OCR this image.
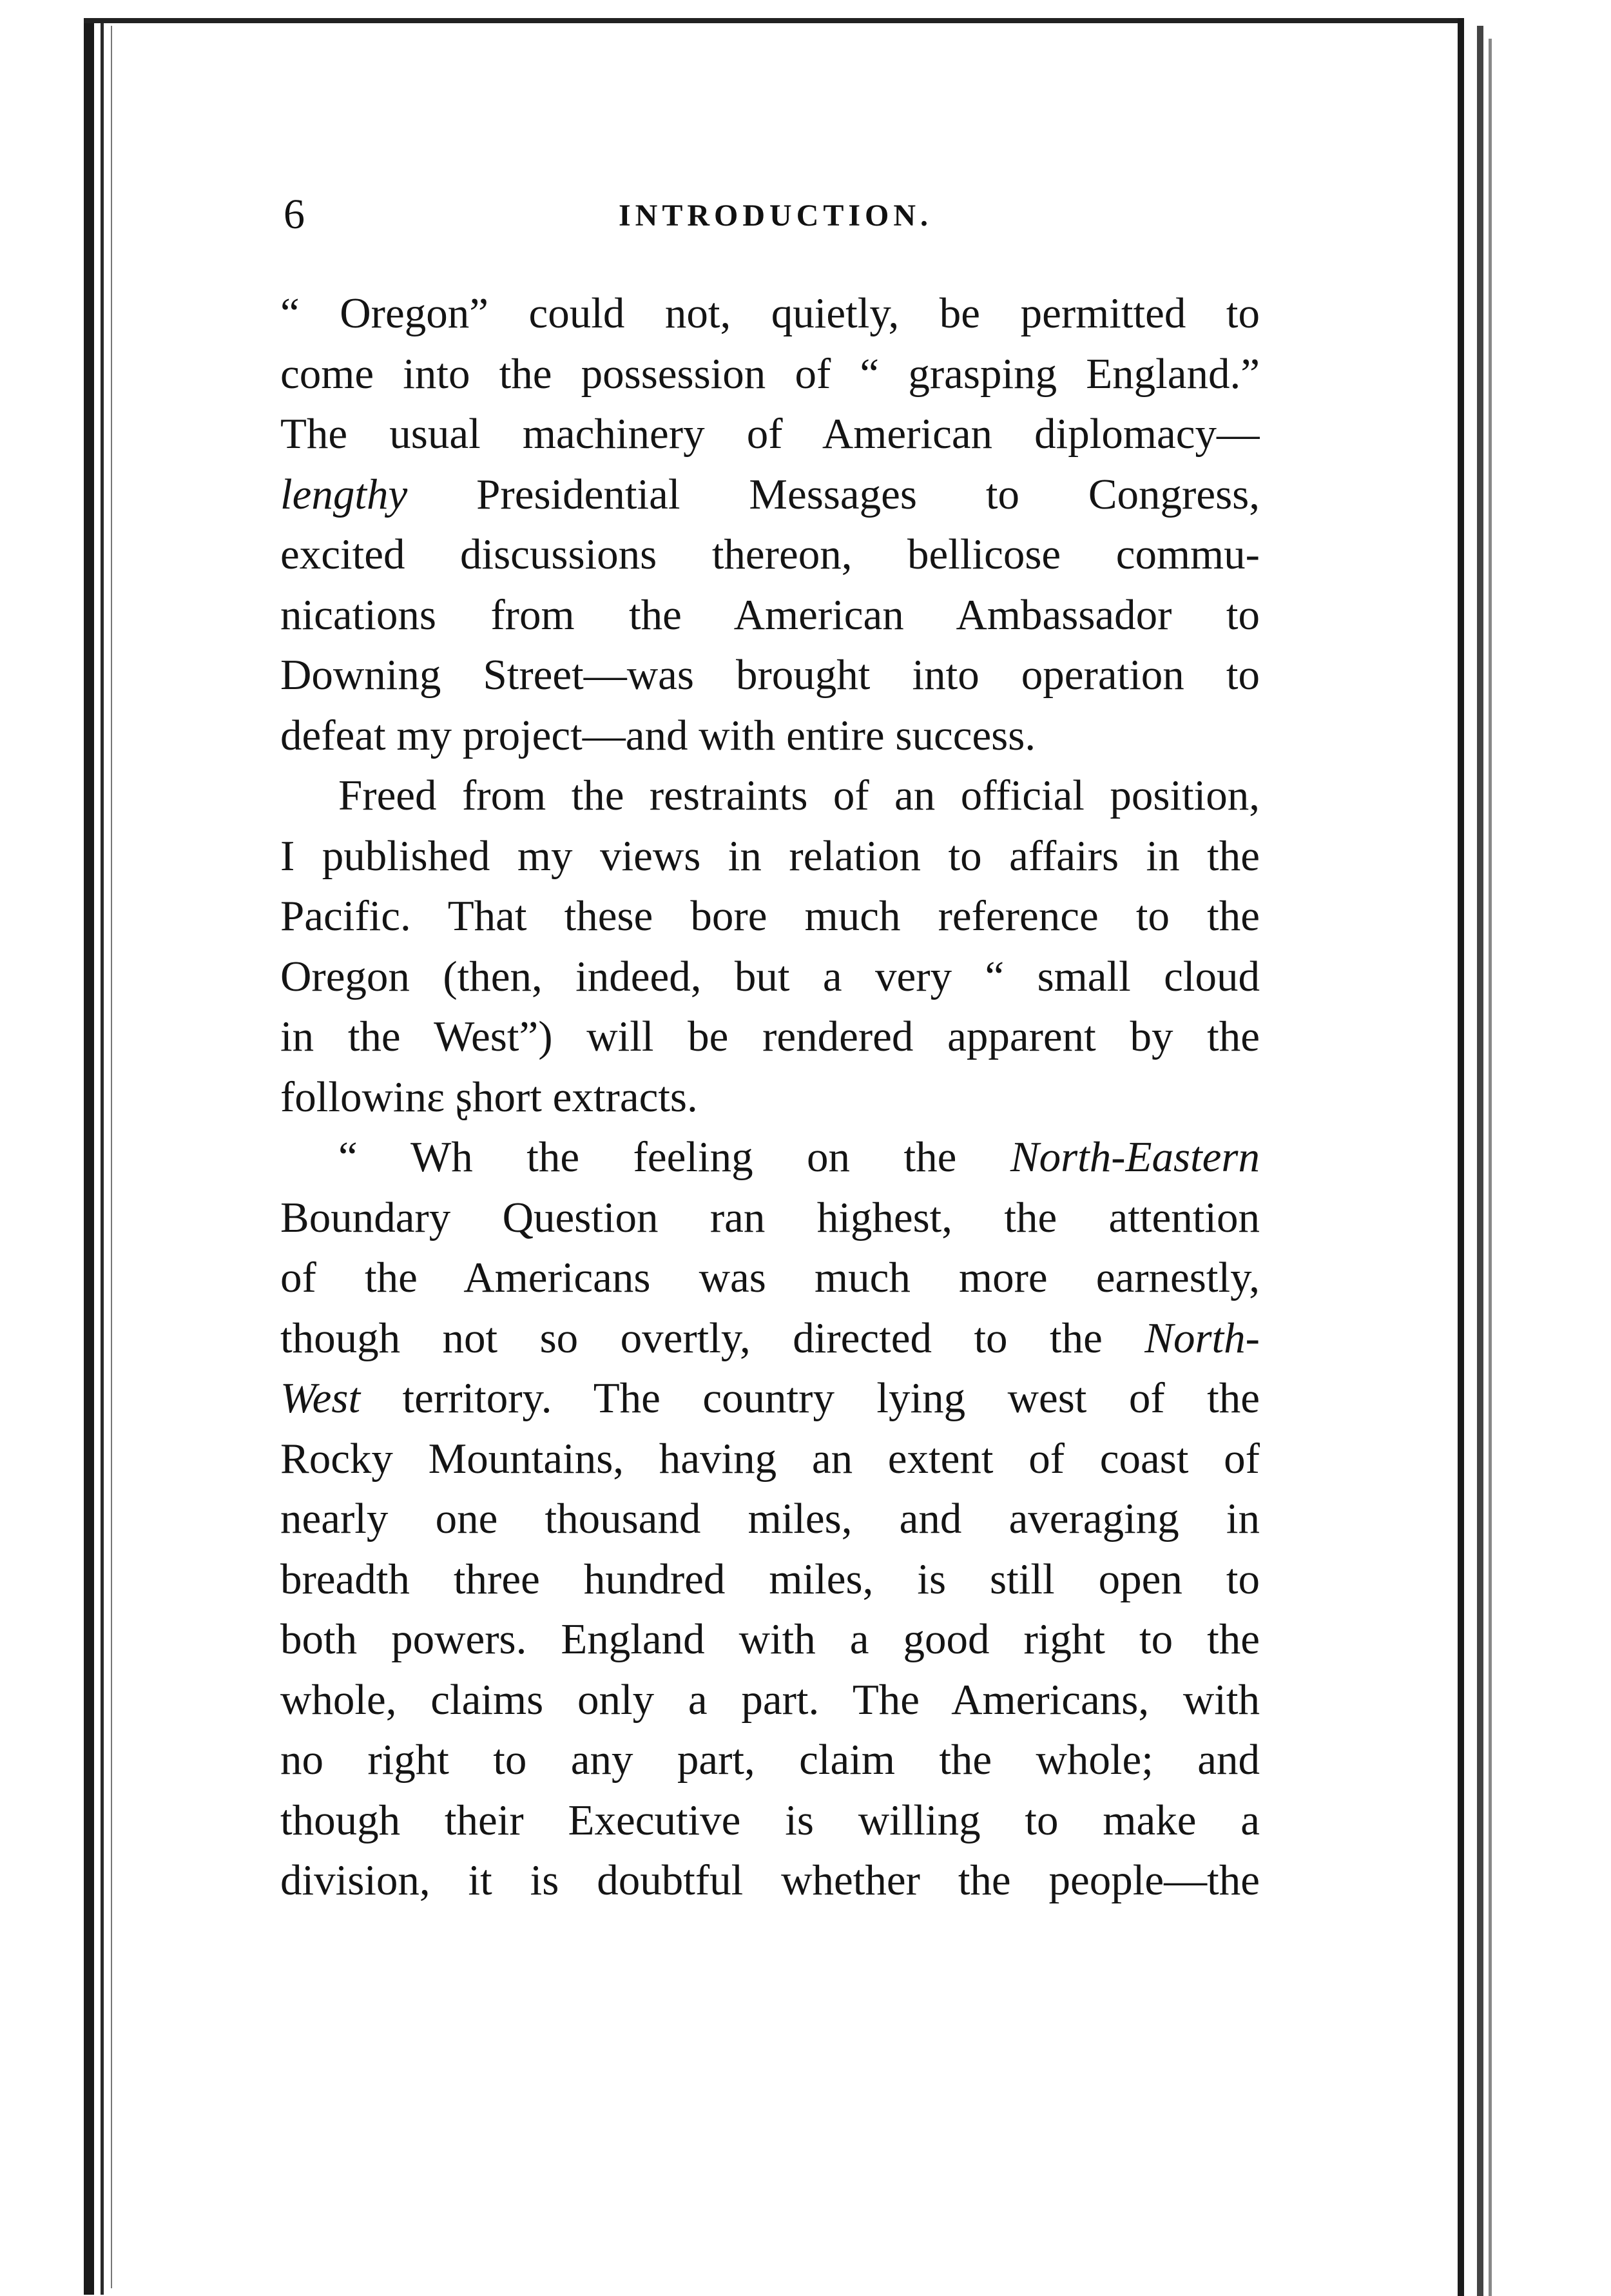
6	INTRODUCTION.
“ Oregon” could not, quietly, be permitted to
come into the possession of “ grasping England.”
The usual machinery of American diplomacy—
lengthy Presidential Messages to Congress,
excited discussions thereon, bellicose commu-
nications from the American Ambassador to
Downing Street—was brought into operation to
defeat my project—and with entire success.
Freed from the restraints of an official position,
I published my views in relation to affairs in the
Pacific. That these bore much reference to the
Oregon (then, indeed, but a very “ small cloud
in the West”) will be rendered apparent by the
followinɛ ʂhort extracts.
“ Wh the feeling on the North-Eastern
Boundary Question ran highest, the attention
of the Americans was much more earnestly,
though not so overtly, directed to the North-
West territory. The country lying west of the
Rocky Mountains, having an extent of coast of
nearly one thousand miles, and averaging in
breadth three hundred miles, is still open to
both powers. England with a good right to the
whole, claims only a part. The Americans, with
no right to any part, claim the whole; and
though their Executive is willing to make a
division, it is doubtful whether the people—the
